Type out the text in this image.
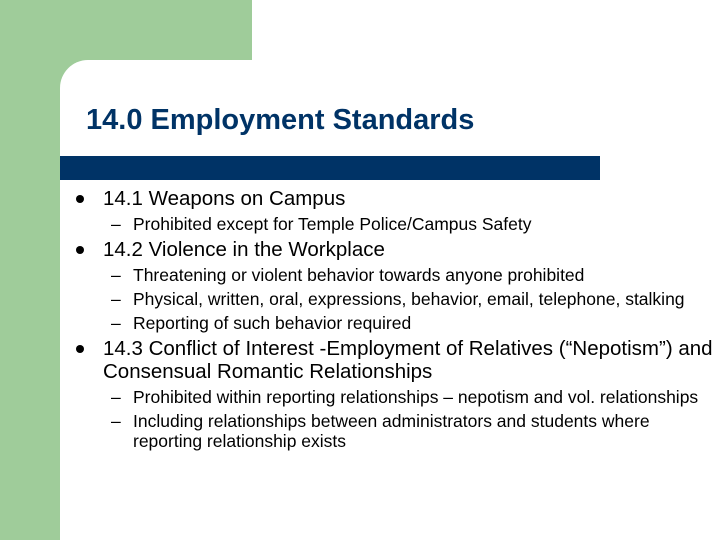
14.0 Employment Standards
14.1 Weapons on Campus
– Prohibited except for Temple Police/Campus Safety
14.2 Violence in the Workplace
– Threatening or violent behavior towards anyone prohibited
– Physical, written, oral, expressions, behavior, email, telephone, stalking
– Reporting of such behavior required
14.3 Conflict of Interest -Employment of Relatives (“Nepotism”) and Consensual Romantic Relationships
– Prohibited within reporting relationships – nepotism and vol. relationships
– Including relationships between administrators and students where reporting relationship exists
